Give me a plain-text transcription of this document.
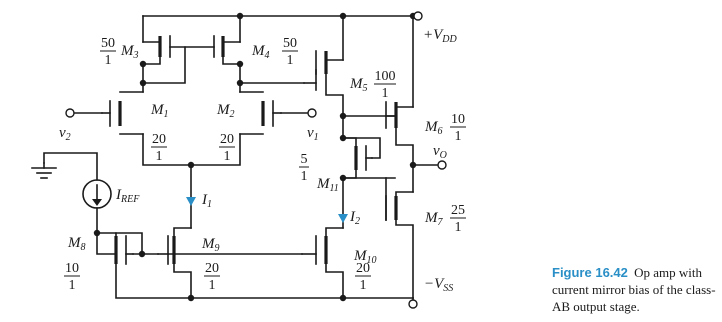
$+V_{DD}$
$-V_{SS}$
$v_2$	$v_1$
$v_O$
$I_{REF}$	$I_1$
$I_2$
$M_3$	$M_4$
$M_1$	$M_2$
$M_5$
$M_6$
$M_{11}$
$M_7$
$M_8$	$M_9$	$M_{10}$
50
1
50
1
20
1
20
1
100
1
10
1
5
1
25
1
10
1
20
1
20
1
Figure 16.42 Op amp with current mirror bias of the class-AB output stage.
